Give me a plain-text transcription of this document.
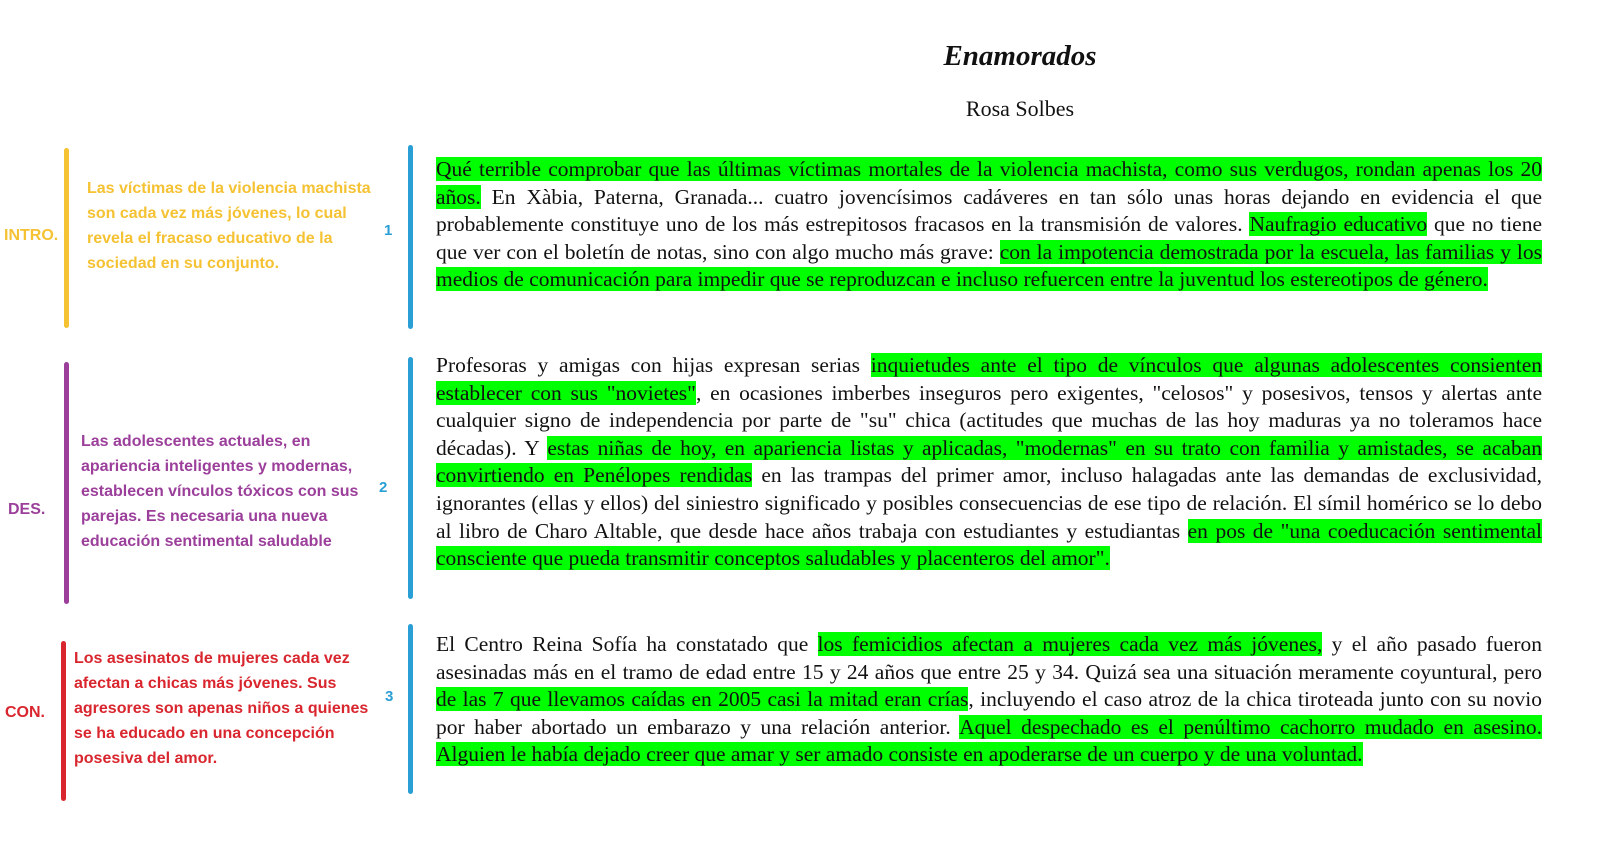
Enamorados
Rosa Solbes
INTRO.
Las víctimas de la violencia machista son cada vez más jóvenes, lo cual revela el fracaso educativo de la sociedad en su conjunto.
1

Qué terrible comprobar que las últimas víctimas mortales de la violencia machista, como sus verdugos, rondan apenas los 20 años. En Xàbia, Paterna, Granada... cuatro jovencísimos cadáveres en tan sólo unas horas dejando en evidencia el que probablemente constituye uno de los más estrepitosos fracasos en la transmisión de valores. Naufragio educativo que no tiene que ver con el boletín de notas, sino con algo mucho más grave: con la impotencia demostrada por la escuela, las familias y los medios de comunicación para impedir que se reproduzcan e incluso refuercen entre la juventud los estereotipos de género.

DES.
Las adolescentes actuales, en apariencia inteligentes y modernas, establecen vínculos tóxicos con sus parejas. Es necesaria una nueva educación sentimental saludable
2

Profesoras y amigas con hijas expresan serias inquietudes ante el tipo de vínculos que algunas adolescentes consienten establecer con sus "novietes", en ocasiones imberbes inseguros pero exigentes, "celosos" y posesivos, tensos y alertas ante cualquier signo de independencia por parte de "su" chica (actitudes que muchas de las hoy maduras ya no toleramos hace décadas). Y estas niñas de hoy, en apariencia listas y aplicadas, "modernas" en su trato con familia y amistades, se acaban convirtiendo en Penélopes rendidas en las trampas del primer amor, incluso halagadas ante las demandas de exclusividad, ignorantes (ellas y ellos) del siniestro significado y posibles consecuencias de ese tipo de relación. El símil homérico se lo debo al libro de Charo Altable, que desde hace años trabaja con estudiantes y estudiantas en pos de "una coeducación sentimental consciente que pueda transmitir conceptos saludables y placenteros del amor".

CON.
Los asesinatos de mujeres cada vez afectan a chicas más jóvenes. Sus agresores son apenas niños a quienes se ha educado en una concepción posesiva del amor.
3

El Centro Reina Sofía ha constatado que los femicidios afectan a mujeres cada vez más jóvenes, y el año pasado fueron asesinadas más en el tramo de edad entre 15 y 24 años que entre 25 y 34. Quizá sea una situación meramente coyuntural, pero de las 7 que llevamos caídas en 2005 casi la mitad eran crías, incluyendo el caso atroz de la chica tiroteada junto con su novio por haber abortado un embarazo y una relación anterior. Aquel despechado es el penúltimo cachorro mudado en asesino. Alguien le había dejado creer que amar y ser amado consiste en apoderarse de un cuerpo y de una voluntad.
